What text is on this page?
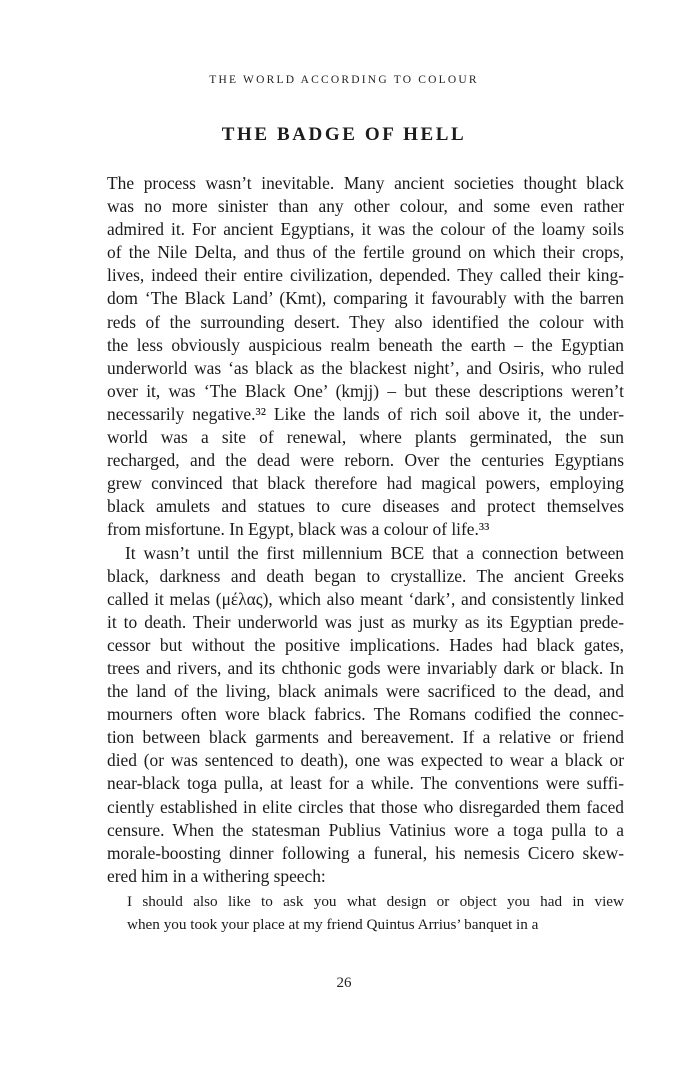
THE WORLD ACCORDING TO COLOUR
THE BADGE OF HELL
The process wasn’t inevitable. Many ancient societies thought black
was no more sinister than any other colour, and some even rather
admired it. For ancient Egyptians, it was the colour of the loamy soils
of the Nile Delta, and thus of the fertile ground on which their crops,
lives, indeed their entire civilization, depended. They called their king-
dom ‘The Black Land’ (Kmt), comparing it favourably with the barren
reds of the surrounding desert. They also identified the colour with
the less obviously auspicious realm beneath the earth – the Egyptian
underworld was ‘as black as the blackest night’, and Osiris, who ruled
over it, was ‘The Black One’ (kmjj) – but these descriptions weren’t
necessarily negative.³² Like the lands of rich soil above it, the under-
world was a site of renewal, where plants germinated, the sun
recharged, and the dead were reborn. Over the centuries Egyptians
grew convinced that black therefore had magical powers, employing
black amulets and statues to cure diseases and protect themselves
from misfortune. In Egypt, black was a colour of life.³³
It wasn’t until the first millennium BCE that a connection between
black, darkness and death began to crystallize. The ancient Greeks
called it melas (μέλας), which also meant ‘dark’, and consistently linked
it to death. Their underworld was just as murky as its Egyptian prede-
cessor but without the positive implications. Hades had black gates,
trees and rivers, and its chthonic gods were invariably dark or black. In
the land of the living, black animals were sacrificed to the dead, and
mourners often wore black fabrics. The Romans codified the connec-
tion between black garments and bereavement. If a relative or friend
died (or was sentenced to death), one was expected to wear a black or
near-black toga pulla, at least for a while. The conventions were suffi-
ciently established in elite circles that those who disregarded them faced
censure. When the statesman Publius Vatinius wore a toga pulla to a
morale-boosting dinner following a funeral, his nemesis Cicero skew-
ered him in a withering speech:
I should also like to ask you what design or object you had in view
when you took your place at my friend Quintus Arrius’ banquet in a
26
